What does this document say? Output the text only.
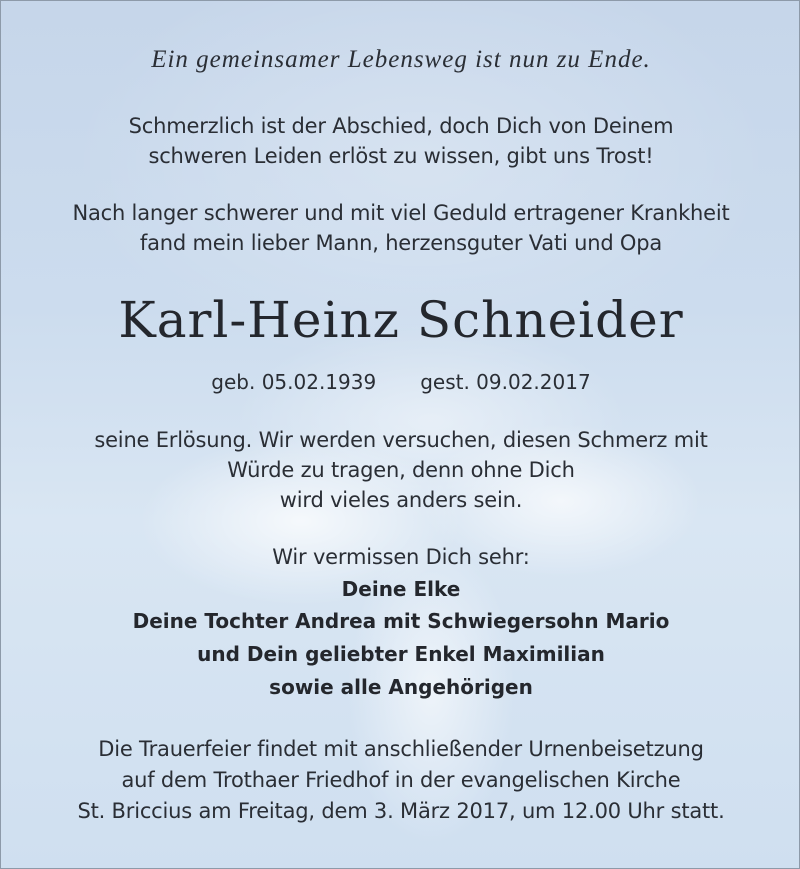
Ein gemeinsamer Lebensweg ist nun zu Ende.
Schmerzlich ist der Abschied, doch Dich von Deinem
schweren Leiden erlöst zu wissen, gibt uns Trost!
Nach langer schwerer und mit viel Geduld ertragener Krankheit
fand mein lieber Mann, herzensguter Vati und Opa
Karl-Heinz Schneider
geb. 05.02.1939 gest. 09.02.2017
seine Erlösung. Wir werden versuchen, diesen Schmerz mit
Würde zu tragen, denn ohne Dich
wird vieles anders sein.
Wir vermissen Dich sehr:
Deine Elke
Deine Tochter Andrea mit Schwiegersohn Mario
und Dein geliebter Enkel Maximilian
sowie alle Angehörigen
Die Trauerfeier findet mit anschließender Urnenbeisetzung
auf dem Trothaer Friedhof in der evangelischen Kirche
St. Briccius am Freitag, dem 3. März 2017, um 12.00 Uhr statt.
